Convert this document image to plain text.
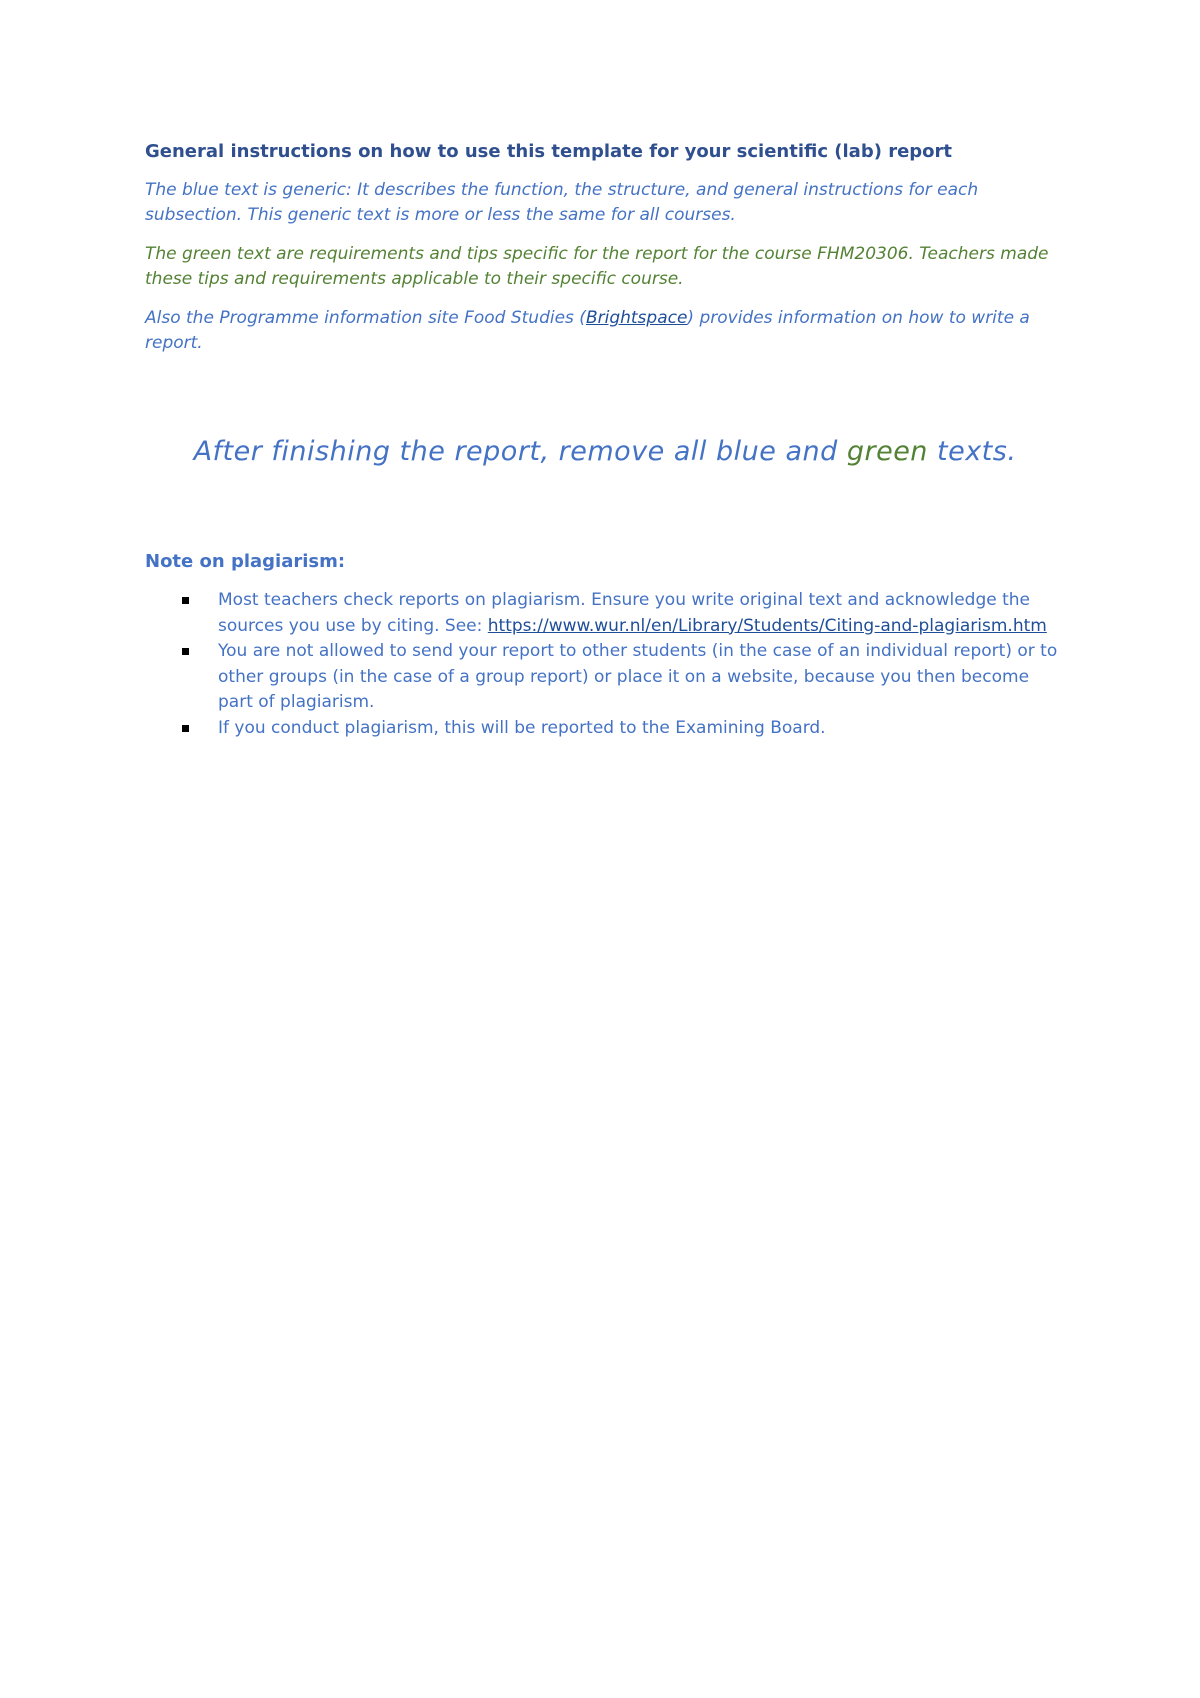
General instructions on how to use this template for your scientific (lab) report

The blue text is generic: It describes the function, the structure, and general instructions for each subsection. This generic text is more or less the same for all courses.

The green text are requirements and tips specific for the report for the course FHM20306. Teachers made these tips and requirements applicable to their specific course.

Also the Programme information site Food Studies (Brightspace) provides information on how to write a report.

After finishing the report, remove all blue and green texts.

Note on plagiarism:

Most teachers check reports on plagiarism. Ensure you write original text and acknowledge the sources you use by citing. See: https://www.wur.nl/en/Library/Students/Citing-and-plagiarism.htm
You are not allowed to send your report to other students (in the case of an individual report) or to other groups (in the case of a group report) or place it on a website, because you then become part of plagiarism.
If you conduct plagiarism, this will be reported to the Examining Board.
